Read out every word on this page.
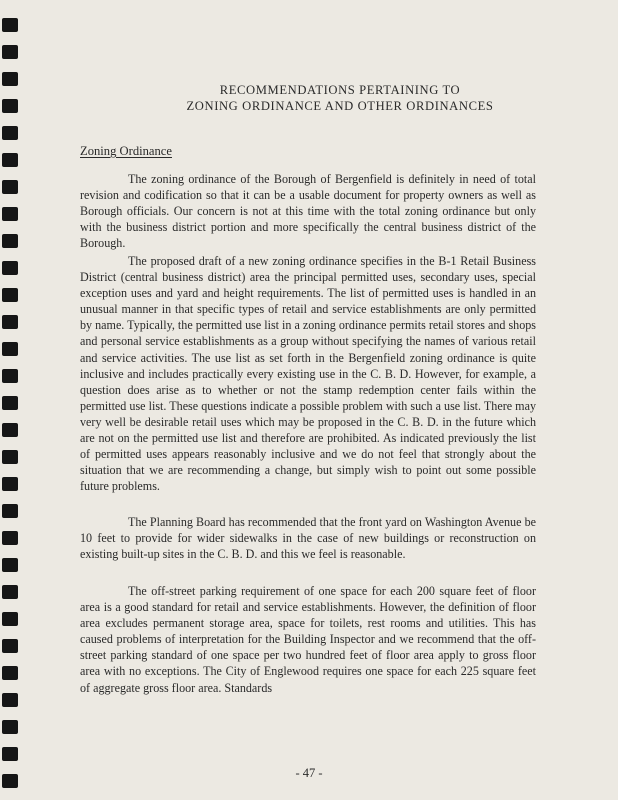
RECOMMENDATIONS PERTAINING TO
ZONING ORDINANCE AND OTHER ORDINANCES
Zoning Ordinance

The zoning ordinance of the Borough of Bergenfield is definitely in need of total revision and codification so that it can be a usable document for property owners as well as Borough officials. Our concern is not at this time with the total zoning ordinance but only with the business district portion and more specifically the central business district of the Borough.

The proposed draft of a new zoning ordinance specifies in the B-1 Retail Business District (central business district) area the principal permitted uses, secondary uses, special exception uses and yard and height requirements. The list of permitted uses is handled in an unusual manner in that specific types of retail and service establishments are only permitted by name. Typically, the permitted use list in a zoning ordinance permits retail stores and shops and personal service establishments as a group without specifying the names of various retail and service activities. The use list as set forth in the Bergenfield zoning ordinance is quite inclusive and includes practically every existing use in the C. B. D. However, for example, a question does arise as to whether or not the stamp redemption center fails within the permitted use list. These questions indicate a possible problem with such a use list. There may very well be desirable retail uses which may be proposed in the C. B. D. in the future which are not on the permitted use list and therefore are prohibited. As indicated previously the list of permitted uses appears reasonably inclusive and we do not feel that strongly about the situation that we are recommending a change, but simply wish to point out some possible future problems.

The Planning Board has recommended that the front yard on Washington Avenue be 10 feet to provide for wider sidewalks in the case of new buildings or reconstruction on existing built-up sites in the C. B. D. and this we feel is reasonable.

The off-street parking requirement of one space for each 200 square feet of floor area is a good standard for retail and service establishments. However, the definition of floor area excludes permanent storage area, space for toilets, rest rooms and utilities. This has caused problems of interpretation for the Building Inspector and we recommend that the off-street parking standard of one space per two hundred feet of floor area apply to gross floor area with no exceptions. The City of Englewood requires one space for each 225 square feet of aggregate gross floor area. Standards

- 47 -
